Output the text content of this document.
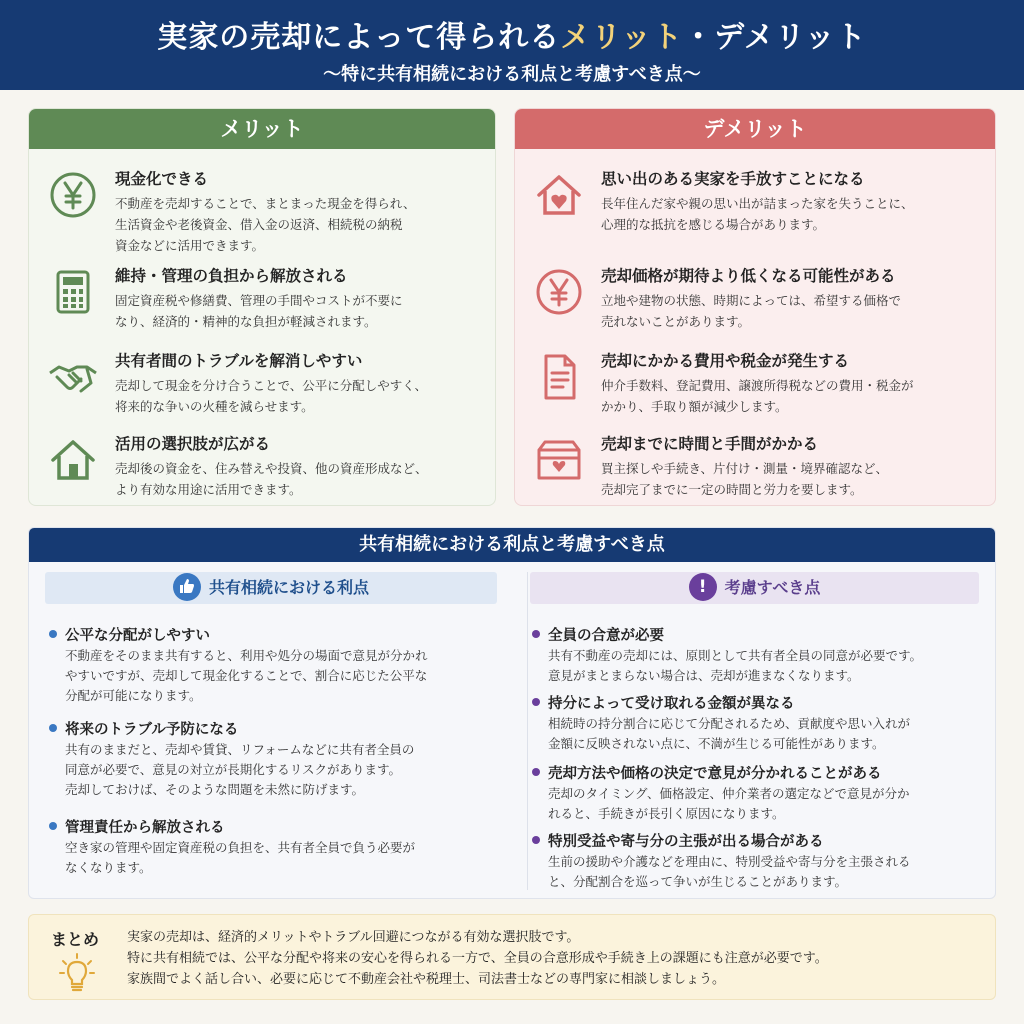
実家の売却によって得られるメリット・デメリット
〜特に共有相続における利点と考慮すべき点〜
メリット
現金化できる
不動産を売却することで、まとまった現金を得られ、
生活資金や老後資金、借入金の返済、相続税の納税
資金などに活用できます。
維持・管理の負担から解放される
固定資産税や修繕費、管理の手間やコストが不要に
なり、経済的・精神的な負担が軽減されます。
共有者間のトラブルを解消しやすい
売却して現金を分け合うことで、公平に分配しやすく、
将来的な争いの火種を減らせます。
活用の選択肢が広がる
売却後の資金を、住み替えや投資、他の資産形成など、
より有効な用途に活用できます。
デメリット
思い出のある実家を手放すことになる
長年住んだ家や親の思い出が詰まった家を失うことに、
心理的な抵抗を感じる場合があります。
売却価格が期待より低くなる可能性がある
立地や建物の状態、時期によっては、希望する価格で
売れないことがあります。
売却にかかる費用や税金が発生する
仲介手数料、登記費用、譲渡所得税などの費用・税金が
かかり、手取り額が減少します。
売却までに時間と手間がかかる
買主探しや手続き、片付け・測量・境界確認など、
売却完了までに一定の時間と労力を要します。
共有相続における利点と考慮すべき点
共有相続における利点
公平な分配がしやすい
不動産をそのまま共有すると、利用や処分の場面で意見が分かれ
やすいですが、売却して現金化することで、割合に応じた公平な
分配が可能になります。
将来のトラブル予防になる
共有のままだと、売却や賃貸、リフォームなどに共有者全員の
同意が必要で、意見の対立が長期化するリスクがあります。
売却しておけば、そのような問題を未然に防げます。
管理責任から解放される
空き家の管理や固定資産税の負担を、共有者全員で負う必要が
なくなります。
! 考慮すべき点
全員の合意が必要
共有不動産の売却には、原則として共有者全員の同意が必要です。
意見がまとまらない場合は、売却が進まなくなります。
持分によって受け取れる金額が異なる
相続時の持分割合に応じて分配されるため、貢献度や思い入れが
金額に反映されない点に、不満が生じる可能性があります。
売却方法や価格の決定で意見が分かれることがある
売却のタイミング、価格設定、仲介業者の選定などで意見が分か
れると、手続きが長引く原因になります。
特別受益や寄与分の主張が出る場合がある
生前の援助や介護などを理由に、特別受益や寄与分を主張される
と、分配割合を巡って争いが生じることがあります。
まとめ 実家の売却は、経済的メリットやトラブル回避につながる有効な選択肢です。
特に共有相続では、公平な分配や将来の安心を得られる一方で、全員の合意形成や手続き上の課題にも注意が必要です。
家族間でよく話し合い、必要に応じて不動産会社や税理士、司法書士などの専門家に相談しましょう。
